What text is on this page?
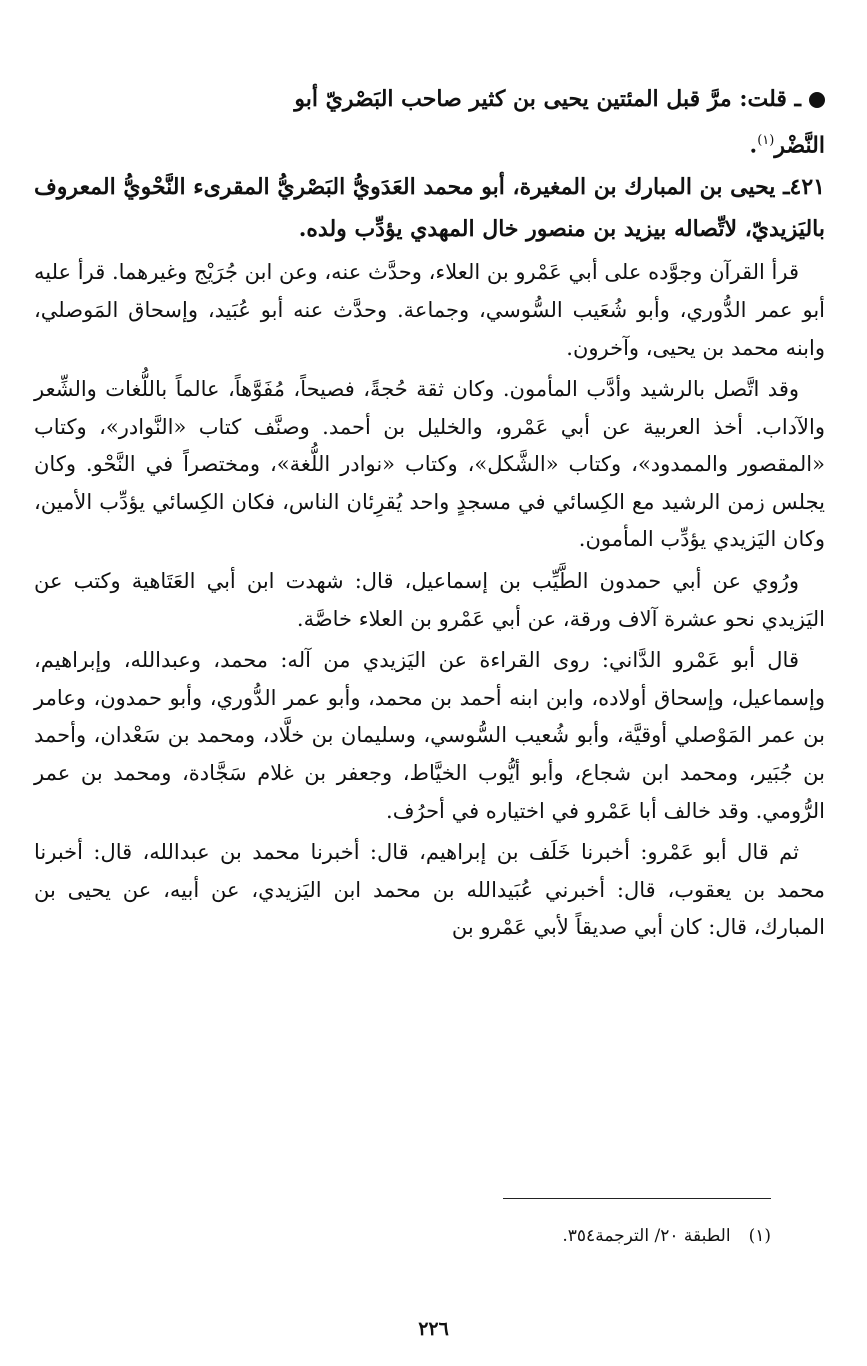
ـ قلت: مرَّ قبل المئتين يحيى بن كثير صاحب البَصْريّ أبو
النَّضْر$^{(١)}$.

٤٢١ـ يحيى بن المبارك بن المغيرة، أبو محمد العَدَويُّ البَصْريُّ المقرىء النَّحْويُّ المعروف باليَزيديّ، لاتِّصاله بيزيد بن منصور خال المهدي يؤدِّب ولده.

قرأ القرآن وجوَّده على أبي عَمْرو بن العلاء، وحدَّث عنه، وعن ابن جُرَيْج وغيرهما. قرأ عليه أبو عمر الدُّوري، وأبو شُعَيب السُّوسي، وجماعة. وحدَّث عنه أبو عُبَيد، وإسحاق المَوصلي، وابنه محمد بن يحيى، وآخرون.

وقد اتَّصل بالرشيد وأدَّب المأمون. وكان ثقة حُجةً، فصيحاً، مُفَوَّهاً، عالماً باللُّغات والشِّعر والآداب. أخذ العربية عن أبي عَمْرو، والخليل بن أحمد. وصنَّف كتاب «النَّوادر»، وكتاب «المقصور والممدود»، وكتاب «الشَّكل»، وكتاب «نوادر اللُّغة»، ومختصراً في النَّحْو. وكان يجلس زمن الرشيد مع الكِسائي في مسجدٍ واحد يُقرِئان الناس، فكان الكِسائي يؤدِّب الأمين، وكان اليَزيدي يؤدِّب المأمون.

ورُوي عن أبي حمدون الطَّيِّب بن إسماعيل، قال: شهدت ابن أبي العَتَاهية وكتب عن اليَزيدي نحو عشرة آلاف ورقة، عن أبي عَمْرو بن العلاء خاصَّة.

قال أبو عَمْرو الدَّاني: روى القراءة عن اليَزيدي من آله: محمد، وعبدالله، وإبراهيم، وإسماعيل، وإسحاق أولاده، وابن ابنه أحمد بن محمد، وأبو عمر الدُّوري، وأبو حمدون، وعامر بن عمر المَوْصلي أوقيَّة، وأبو شُعيب السُّوسي، وسليمان بن خلَّاد، ومحمد بن سَعْدان، وأحمد بن جُبَير، ومحمد ابن شجاع، وأبو أيُّوب الخيَّاط، وجعفر بن غلام سَجَّادة، ومحمد بن عمر الرُّومي. وقد خالف أبا عَمْرو في اختياره في أحرُف.

ثم قال أبو عَمْرو: أخبرنا خَلَف بن إبراهيم، قال: أخبرنا محمد بن عبدالله، قال: أخبرنا محمد بن يعقوب، قال: أخبرني عُبَيدالله بن محمد ابن اليَزيدي، عن أبيه، عن يحيى بن المبارك، قال: كان أبي صديقاً لأبي عَمْرو بن

(١)الطبقة ٢٠/ الترجمة٣٥٤.
٢٢٦
